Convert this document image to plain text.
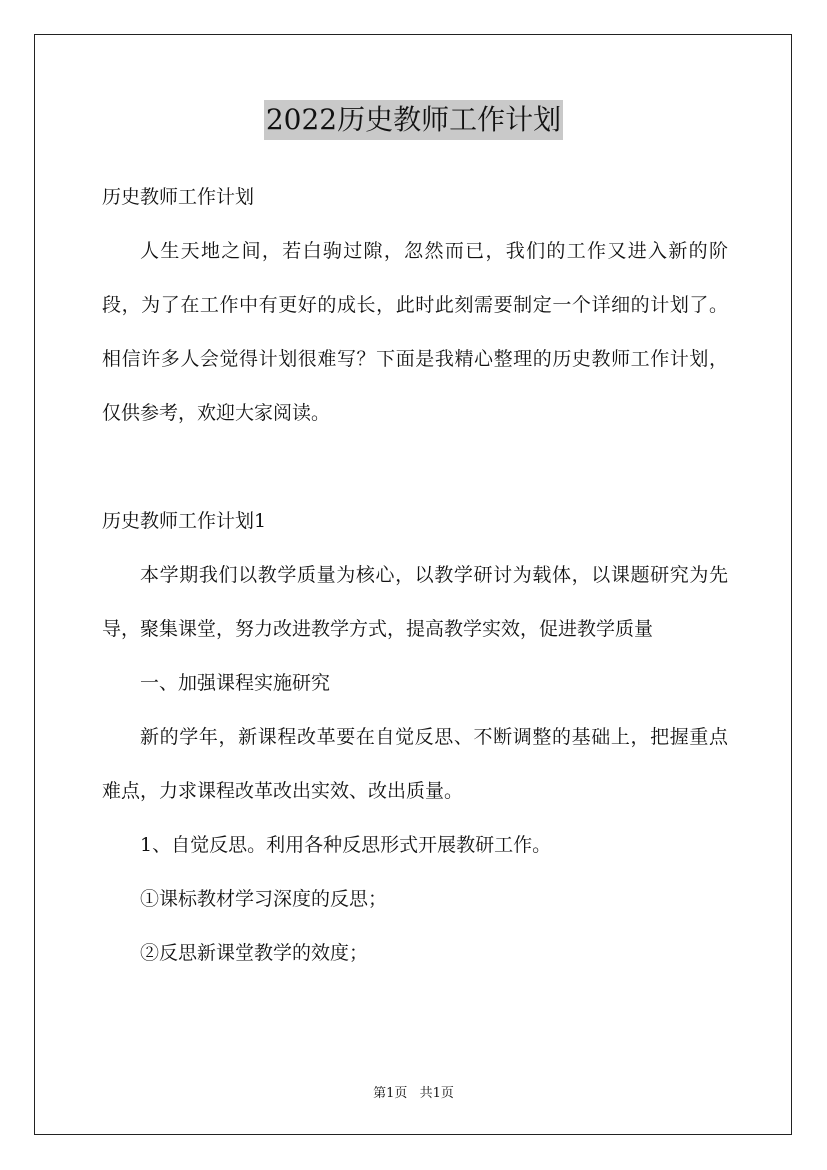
2022历史教师工作计划

历史教师工作计划

人生天地之间，若白驹过隙，忽然而已，我们的工作又进入新的阶段，为了在工作中有更好的成长，此时此刻需要制定一个详细的计划了。相信许多人会觉得计划很难写？下面是我精心整理的历史教师工作计划，仅供参考，欢迎大家阅读。

历史教师工作计划1

本学期我们以教学质量为核心，以教学研讨为载体，以课题研究为先导，聚集课堂，努力改进教学方式，提高教学实效，促进教学质量

一、加强课程实施研究

新的学年，新课程改革要在自觉反思、不断调整的基础上，把握重点难点，力求课程改革改出实效、改出质量。

1、自觉反思。利用各种反思形式开展教研工作。

①课标教材学习深度的反思；

②反思新课堂教学的效度；

第1页 共1页
